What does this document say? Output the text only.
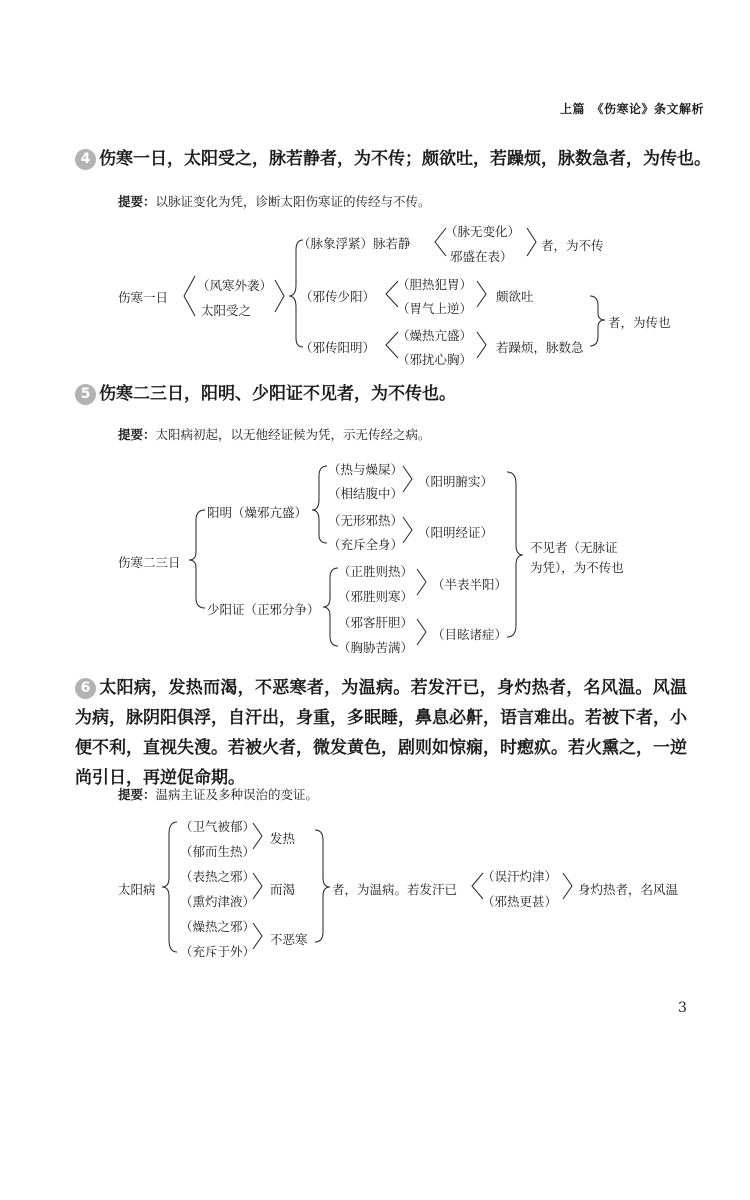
上篇　《伤寒论》条文解析
4 伤寒一日，太阳受之，脉若静者，为不传；颇欲吐，若躁烦，脉数急者，为传也。
提要：以脉证变化为凭，诊断太阳伤寒证的传经与不传。
伤寒一日
（风寒外袭）
太阳受之
（脉象浮紧）脉若静
（脉无变化）
邪盛在表）
者，为不传
（邪传少阳）
（胆热犯胃）
（胃气上逆）
颇欲吐
（邪传阳明）
（燥热亢盛）
（邪扰心胸）
若躁烦，脉数急
者，为传也
5 伤寒二三日，阳明、少阳证不见者，为不传也。
提要：太阳病初起，以无他经证候为凭，示无传经之病。
伤寒二三日
阳明（燥邪亢盛）
（热与燥屎）
（相结腹中）
（阳明腑实）
（无形邪热）
（充斥全身）
（阳明经证）
少阳证（正邪分争）
（正胜则热）
（邪胜则寒）
（半表半阳）
（邪客肝胆）
（胸胁苦满）
（目眩诸症）
不见者（无脉证
为凭），为不传也
6 太阳病，发热而渴，不恶寒者，为温病。若发汗已，身灼热者，名风温。风温为病，脉阴阳俱浮，自汗出，身重，多眠睡，鼻息必鼾，语言难出。若被下者，小便不利，直视失溲。若被火者，微发黄色，剧则如惊痫，时瘛疭。若火熏之，一逆尚引日，再逆促命期。
提要：温病主证及多种误治的变证。
太阳病
（卫气被郁）
（郁而生热）
发热
（表热之邪）
（熏灼津液）
而渴
（燥热之邪）
（充斥于外）
不恶寒
者，为温病。若发汗已
（误汗灼津）
（邪热更甚）
身灼热者，名风温
3
